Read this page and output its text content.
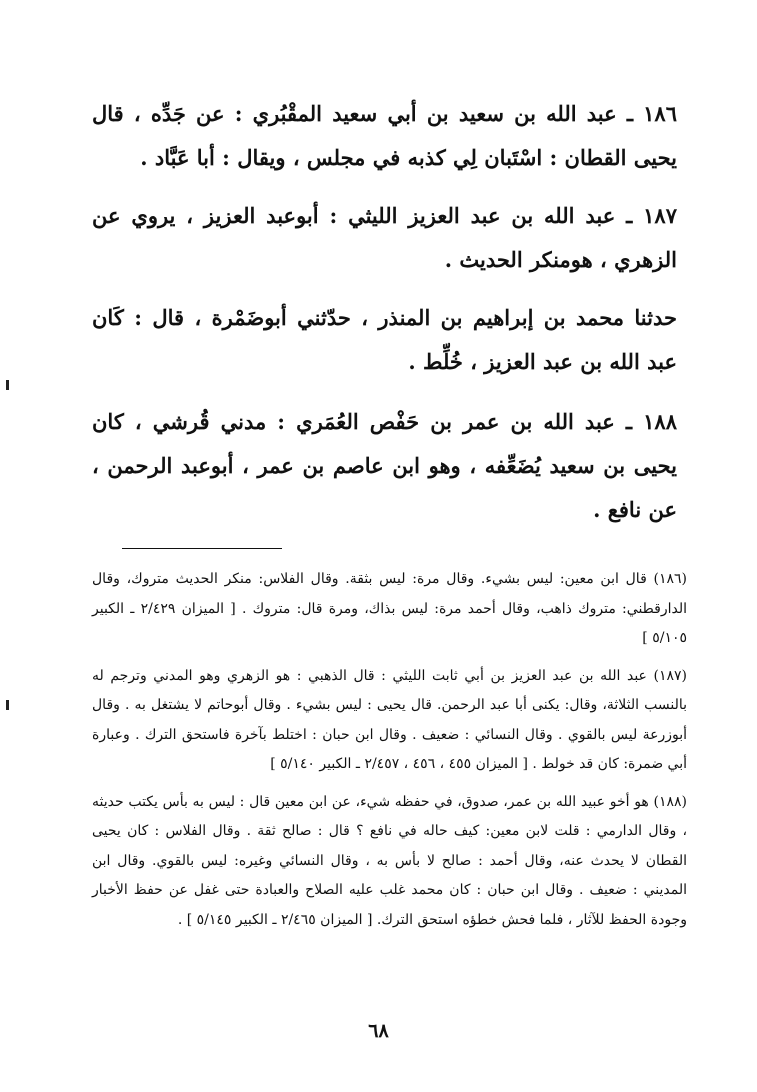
١٨٦ ـ عبد الله بن سعيد بن أبي سعيد المقْبُري : عن جَدِّه ، قال يحيى القطان : اسْتَبان لِي كذبه في مجلس ، ويقال : أبا عَبَّاد .

١٨٧ ـ عبد الله بن عبد العزيز الليثي : أبوعبد العزيز ، يروي عن الزهري ، هومنكر الحديث .

حدثنا محمد بن إبراهيم بن المنذر ، حدّثني أبوضَمْرة ، قال : كَان عبد الله بن عبد العزيز ، خُلِّط .

١٨٨ ـ عبد الله بن عمر بن حَفْص العُمَري : مدني قُرشي ، كان يحيى بن سعيد يُضَعِّفه ، وهو ابن عاصم بن عمر ، أبوعبد الرحمن ، عن نافع .

(١٨٦) قال ابن معين: ليس بشيء. وقال مرة: ليس بثقة. وقال الفلاس: منكر الحديث متروك، وقال الدارقطني: متروك ذاهب، وقال أحمد مرة: ليس بذاك، ومرة قال: متروك . [ الميزان ٢/٤٢٩ ـ الكبير ٥/١٠٥ ]

(١٨٧) عبد الله بن عبد العزيز بن أبي ثابت الليثي : قال الذهبي : هو الزهري وهو المدني وترجم له بالنسب الثلاثة، وقال: يكنى أبا عبد الرحمن. قال يحيى : ليس بشيء . وقال أبوحاتم لا يشتغل به . وقال أبوزرعة ليس بالقوي . وقال النسائي : ضعيف . وقال ابن حبان : اختلط بآخرة فاستحق الترك . وعبارة أبي ضمرة: كان قد خولط . [ الميزان ٤٥٥ ، ٤٥٦ ، ٢/٤٥٧ ـ الكبير ٥/١٤٠ ]

(١٨٨) هو أخو عبيد الله بن عمر، صدوق، في حفظه شيء، عن ابن معين قال : ليس به بأس يكتب حديثه ، وقال الدارمي : قلت لابن معين: كيف حاله في نافع ؟ قال : صالح ثقة . وقال الفلاس : كان يحيى القطان لا يحدث عنه، وقال أحمد : صالح لا بأس به ، وقال النسائي وغيره: ليس بالقوي. وقال ابن المديني : ضعيف . وقال ابن حبان : كان محمد غلب عليه الصلاح والعبادة حتى غفل عن حفظ الأخبار وجودة الحفظ للآثار ، فلما فحش خطؤه استحق الترك. [ الميزان ٢/٤٦٥ ـ الكبير ٥/١٤٥ ] .

٦٨
